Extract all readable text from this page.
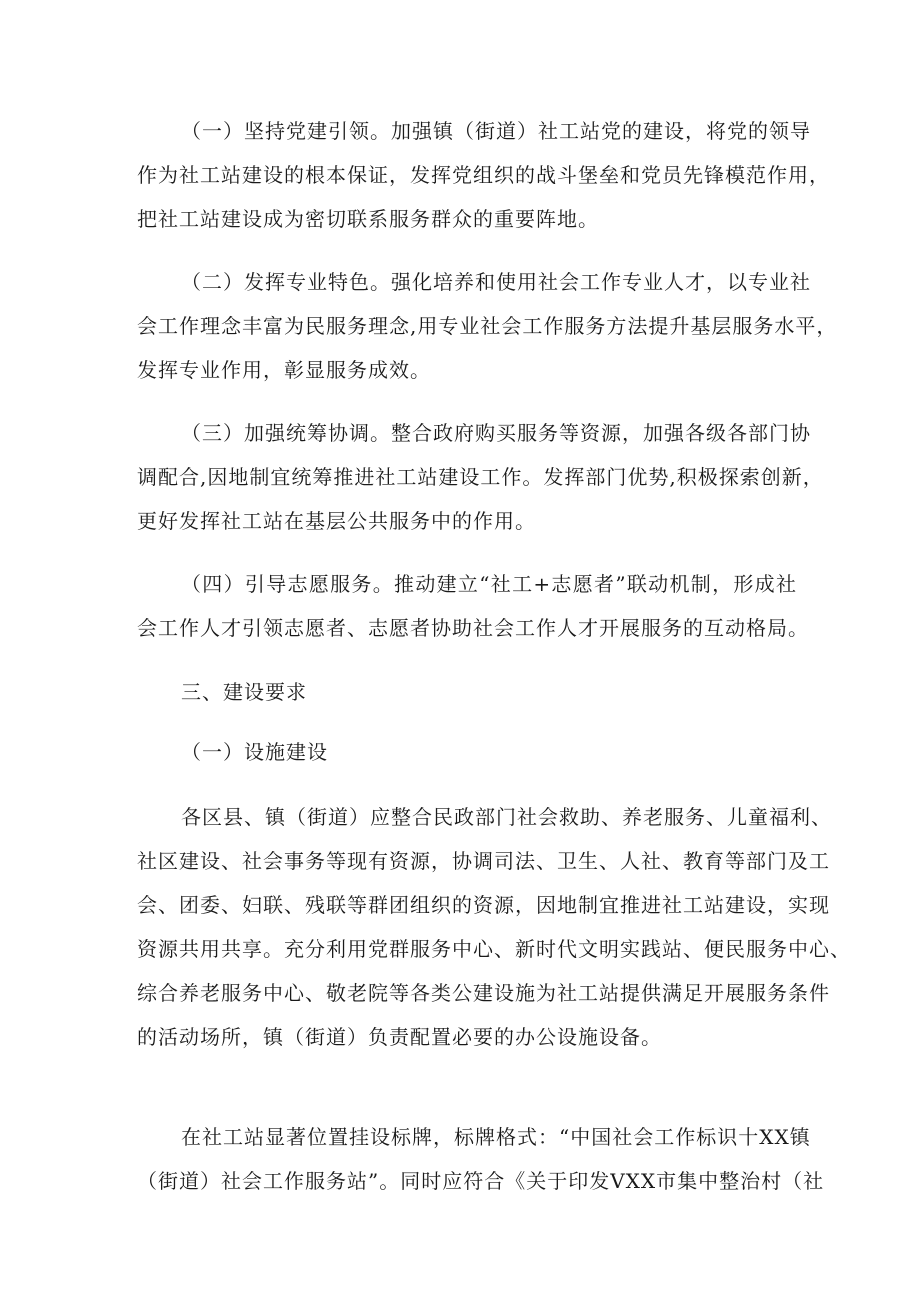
（一）坚持党建引领。加强镇（街道）社工站党的建设，将党的领导
作为社工站建设的根本保证，发挥党组织的战斗堡垒和党员先锋模范作用，
把社工站建设成为密切联系服务群众的重要阵地。
（二）发挥专业特色。强化培养和使用社会工作专业人才，以专业社
会工作理念丰富为民服务理念,用专业社会工作服务方法提升基层服务水平，
发挥专业作用，彰显服务成效。
（三）加强统筹协调。整合政府购买服务等资源，加强各级各部门协
调配合,因地制宜统筹推进社工站建设工作。发挥部门优势,积极探索创新，
更好发挥社工站在基层公共服务中的作用。
（四）引导志愿服务。推动建立“社工+志愿者”联动机制，形成社
会工作人才引领志愿者、志愿者协助社会工作人才开展服务的互动格局。
三、建设要求
（一）设施建设
各区县、镇（街道）应整合民政部门社会救助、养老服务、儿童福利、
社区建设、社会事务等现有资源，协调司法、卫生、人社、教育等部门及工
会、团委、妇联、残联等群团组织的资源，因地制宜推进社工站建设，实现
资源共用共享。充分利用党群服务中心、新时代文明实践站、便民服务中心、
综合养老服务中心、敬老院等各类公建设施为社工站提供满足开展服务条件
的活动场所，镇（街道）负责配置必要的办公设施设备。
在社工站显著位置挂设标牌，标牌格式：“中国社会工作标识十XX镇
（街道）社会工作服务站”。同时应符合《关于印发VXX市集中整治村（社
